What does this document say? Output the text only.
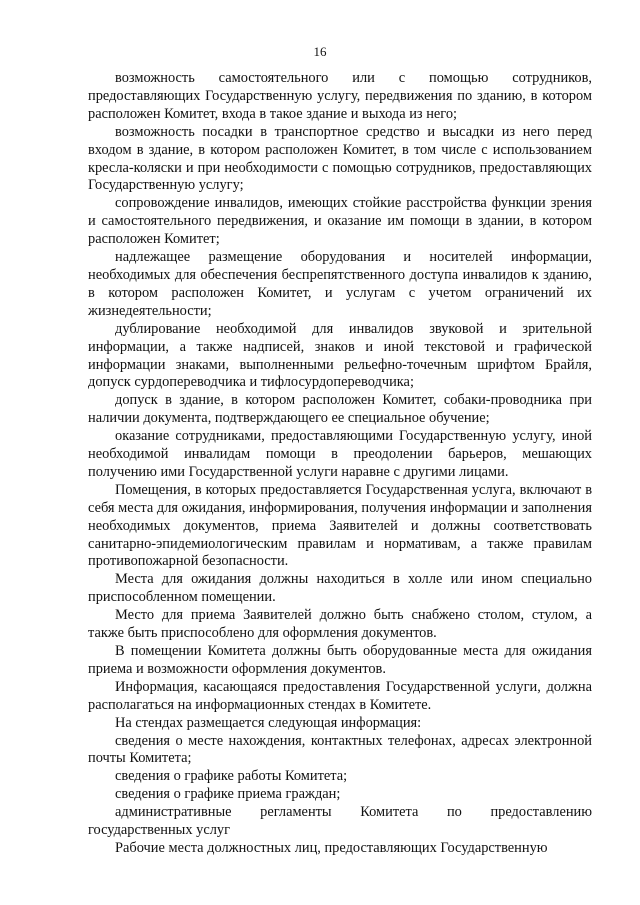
16

возможность самостоятельного или с помощью сотрудников, предоставляющих Государственную услугу, передвижения по зданию, в котором расположен Комитет, входа в такое здание и выхода из него;

возможность посадки в транспортное средство и высадки из него перед входом в здание, в котором расположен Комитет, в том числе с использованием кресла-коляски и при необходимости с помощью сотрудников, предоставляющих Государственную услугу;

сопровождение инвалидов, имеющих стойкие расстройства функции зрения и самостоятельного передвижения, и оказание им помощи в здании, в котором расположен Комитет;

надлежащее размещение оборудования и носителей информации, необходимых для обеспечения беспрепятственного доступа инвалидов к зданию, в котором расположен Комитет, и услугам с учетом ограничений их жизнедеятельности;

дублирование необходимой для инвалидов звуковой и зрительной информации, а также надписей, знаков и иной текстовой и графической информации знаками, выполненными рельефно-точечным шрифтом Брайля, допуск сурдопереводчика и тифлосурдопереводчика;

допуск в здание, в котором расположен Комитет, собаки-проводника при наличии документа, подтверждающего ее специальное обучение;

оказание сотрудниками, предоставляющими Государственную услугу, иной необходимой инвалидам помощи в преодолении барьеров, мешающих получению ими Государственной услуги наравне с другими лицами.

Помещения, в которых предоставляется Государственная услуга, включают в себя места для ожидания, информирования, получения информации и заполнения необходимых документов, приема Заявителей и должны соответствовать санитарно-эпидемиологическим правилам и нормативам, а также правилам противопожарной безопасности.

Места для ожидания должны находиться в холле или ином специально приспособленном помещении.

Место для приема Заявителей должно быть снабжено столом, стулом, а также быть приспособлено для оформления документов.

В помещении Комитета должны быть оборудованные места для ожидания приема и возможности оформления документов.

Информация, касающаяся предоставления Государственной услуги, должна располагаться на информационных стендах в Комитете.

На стендах размещается следующая информация:

сведения о месте нахождения, контактных телефонах, адресах электронной почты Комитета;

сведения о графике работы Комитета;

сведения о графике приема граждан;

административные регламенты Комитета по предоставлению государственных услуг

Рабочие места должностных лиц, предоставляющих Государственную
